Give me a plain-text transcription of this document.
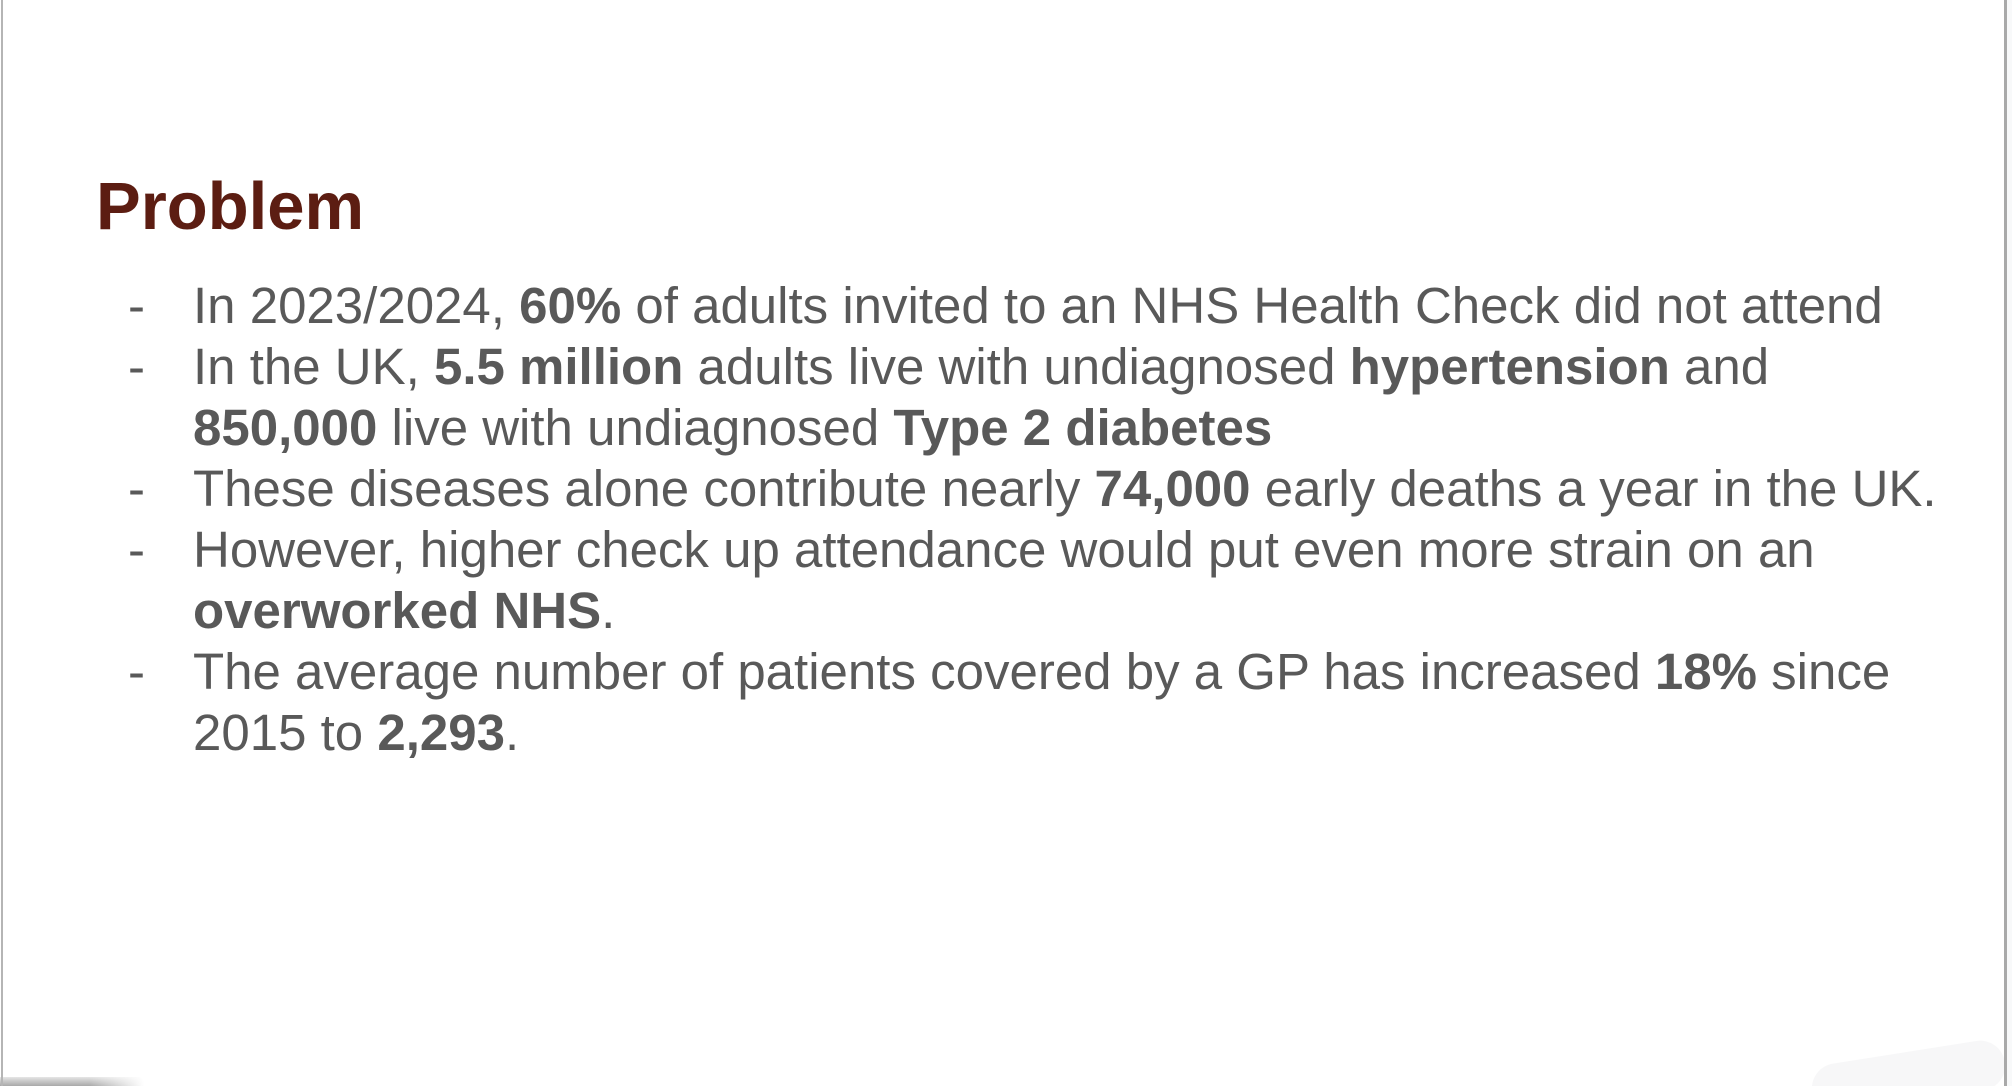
Problem
- In 2023/2024, 60% of adults invited to an NHS Health Check did not attend
- In the UK, 5.5 million adults live with undiagnosed hypertension and
850,000 live with undiagnosed Type 2 diabetes
- These diseases alone contribute nearly 74,000 early deaths a year in the UK.
- However, higher check up attendance would put even more strain on an
overworked NHS.
- The average number of patients covered by a GP has increased 18% since
2015 to 2,293.
